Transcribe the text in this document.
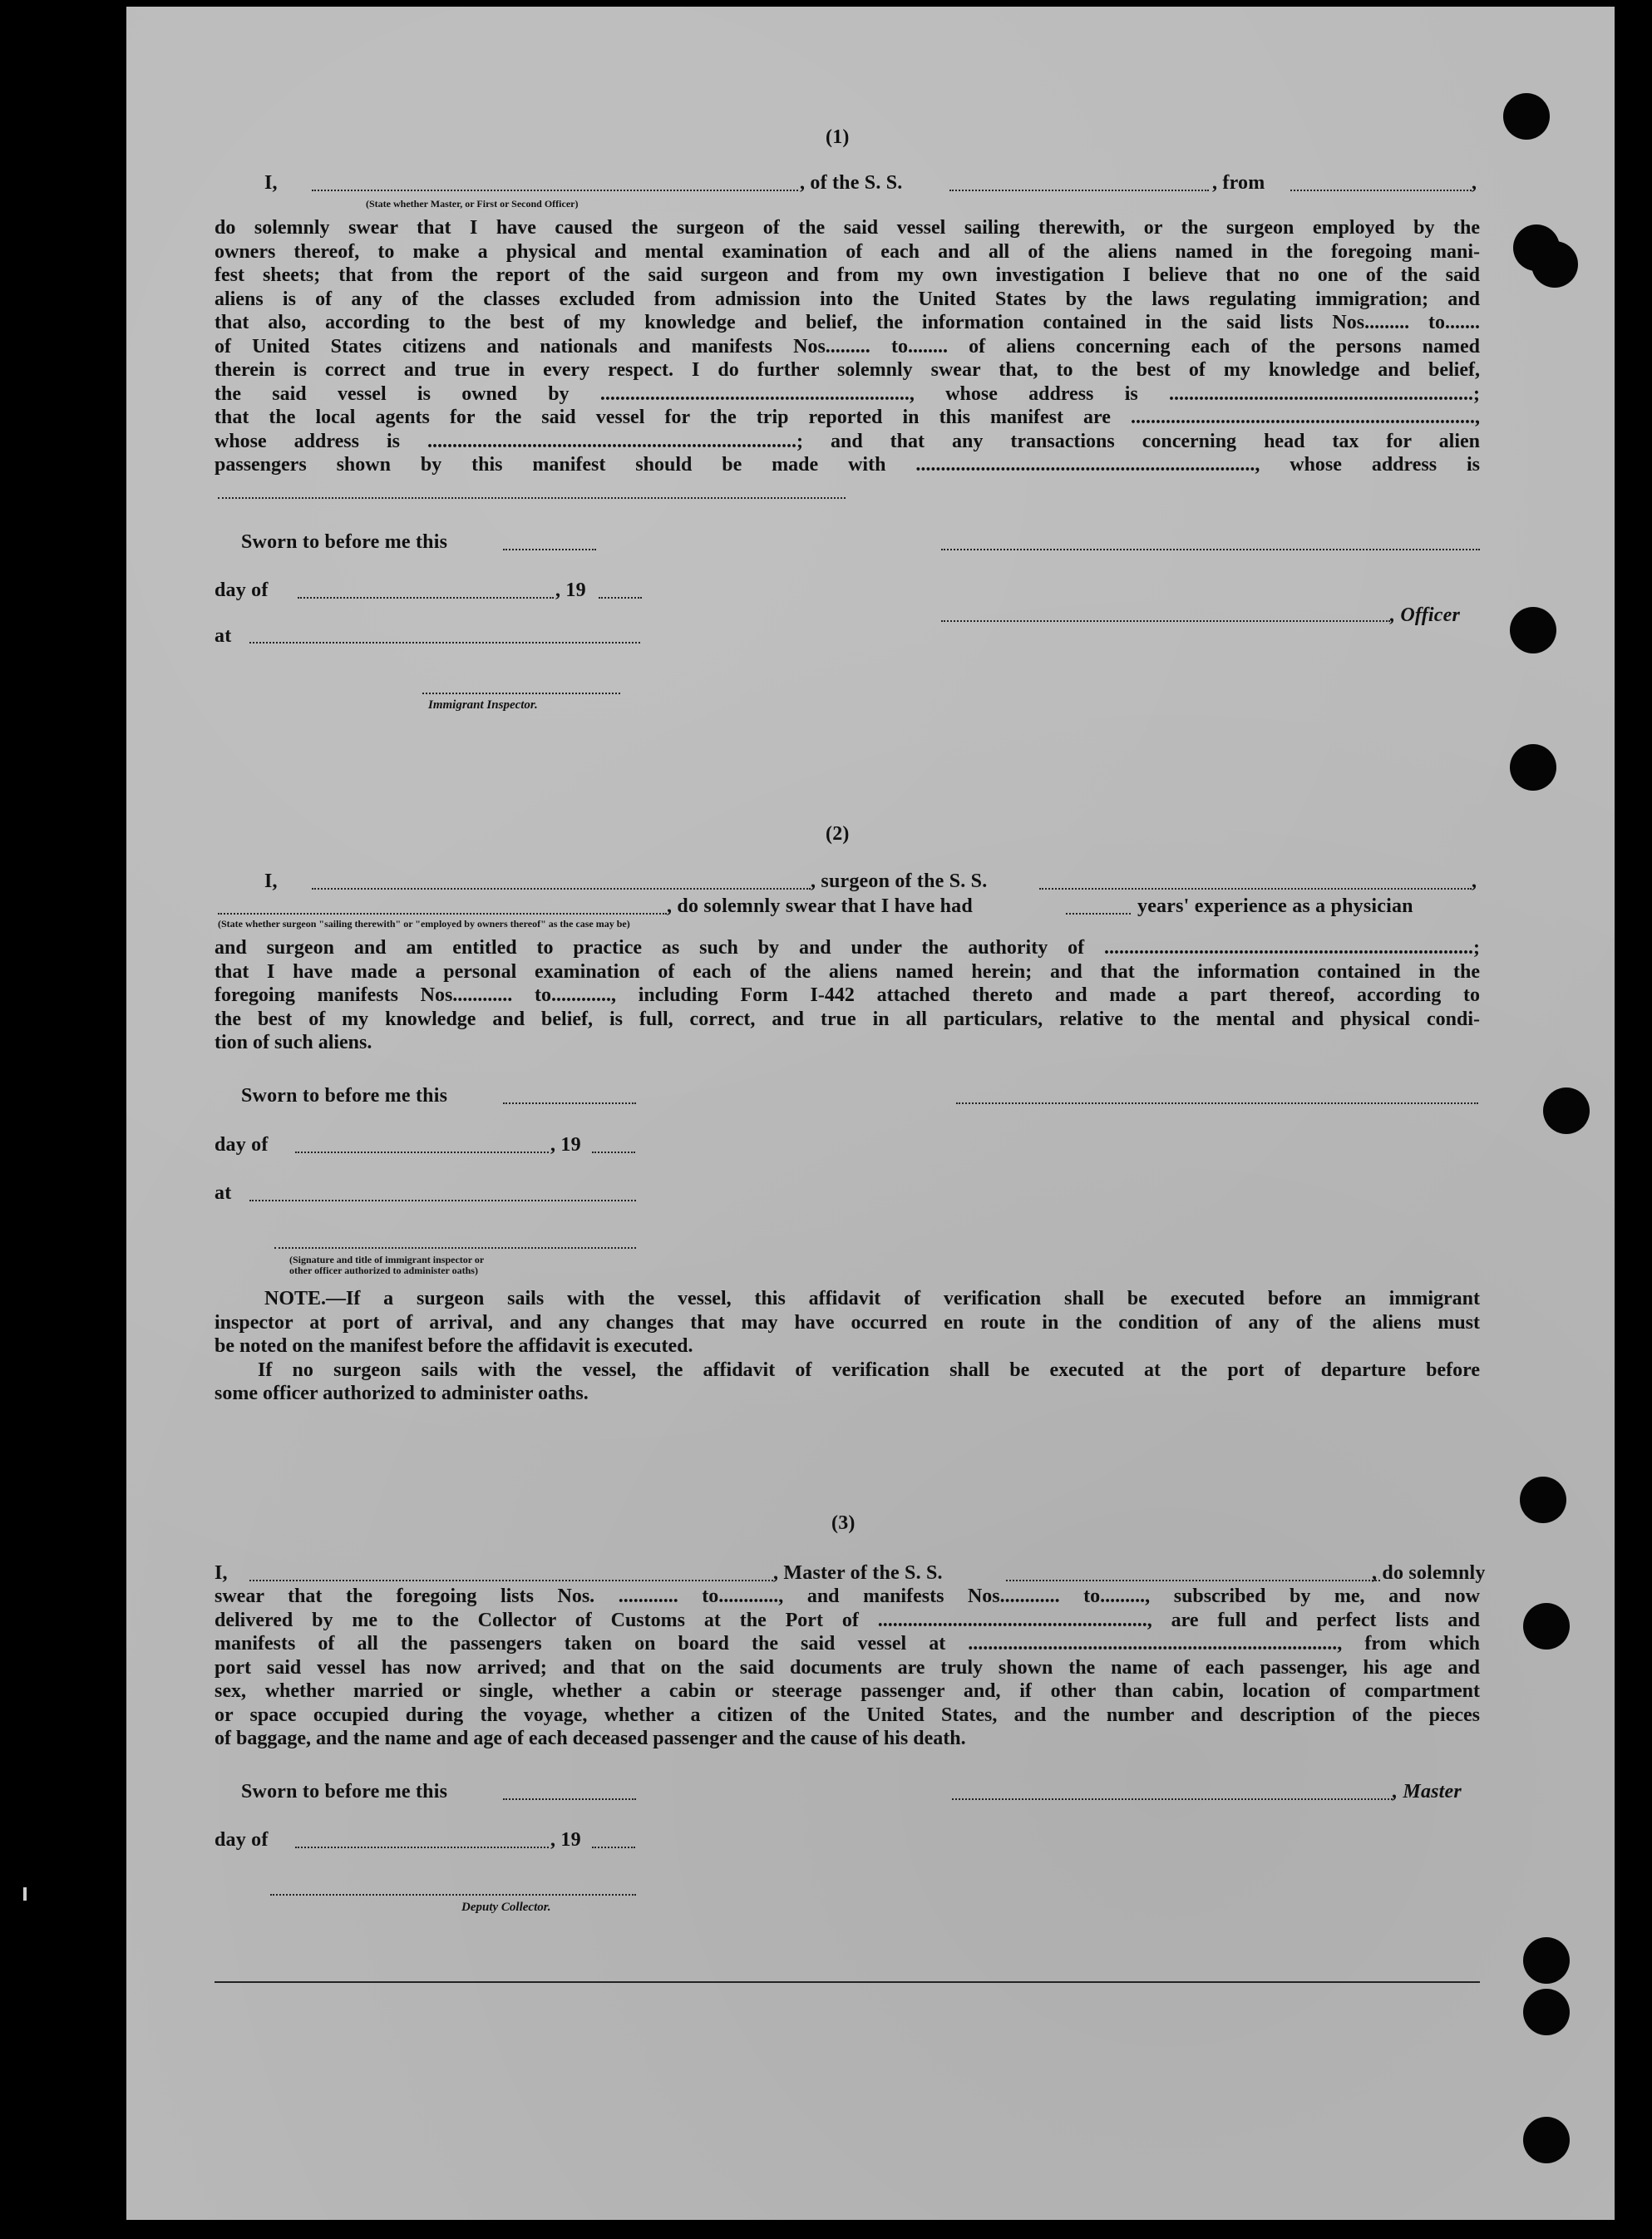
(1)
I,
(State whether Master, or First or Second Officer)
, of the S. S.	, from	,
do solemnly swear that I have caused the surgeon of the said vessel sailing therewith, or the surgeon employed by the
owners thereof, to make a physical and mental examination of each and all of the aliens named in the foregoing mani-
fest sheets; that from the report of the said surgeon and from my own investigation I believe that no one of the said
aliens is of any of the classes excluded from admission into the United States by the laws regulating immigration; and
that also, according to the best of my knowledge and belief, the information contained in the said lists Nos......... to.......
of United States citizens and nationals and manifests Nos......... to........ of aliens concerning each of the persons named
therein is correct and true in every respect. I do further solemnly swear that, to the best of my knowledge and belief,
the said vessel is owned by .............................................................., whose address is .............................................................;
that the local agents for the said vessel for the trip reported in this manifest are .....................................................................,
whose address is ..........................................................................; and that any transactions concerning head tax for alien
passengers shown by this manifest should be made with ...................................................................., whose address is
Sworn to before me this
day of	, 19
, Officer
at
Immigrant Inspector.
(2)
I,	, surgeon of the S. S.	,
, do solemnly swear that I have had	years' experience as a physician
(State whether surgeon "sailing therewith" or "employed by owners thereof" as the case may be)
and surgeon and am entitled to practice as such by and under the authority of ..........................................................................;
that I have made a personal examination of each of the aliens named herein; and that the information contained in the
foregoing manifests Nos............ to............, including Form I-442 attached thereto and made a part thereof, according to
the best of my knowledge and belief, is full, correct, and true in all particulars, relative to the mental and physical condi-
tion of such aliens.
Sworn to before me this
day of	, 19
at
(Signature and title of immigrant inspector or
other officer authorized to administer oaths)
NOTE.—If a surgeon sails with the vessel, this affidavit of verification shall be executed before an immigrant
inspector at port of arrival, and any changes that may have occurred en route in the condition of any of the aliens must
be noted on the manifest before the affidavit is executed.
If no surgeon sails with the vessel, the affidavit of verification shall be executed at the port of departure before
some officer authorized to administer oaths.
(3)
I,	, Master of the S. S.	, do solemnly
swear that the foregoing lists Nos. ............ to............, and manifests Nos............ to........., subscribed by me, and now
delivered by me to the Collector of Customs at the Port of ......................................................, are full and perfect lists and
manifests of all the passengers taken on board the said vessel at .........................................................................., from which
port said vessel has now arrived; and that on the said documents are truly shown the name of each passenger, his age and
sex, whether married or single, whether a cabin or steerage passenger and, if other than cabin, location of compartment
or space occupied during the voyage, whether a citizen of the United States, and the number and description of the pieces
of baggage, and the name and age of each deceased passenger and the cause of his death.
Sworn to before me this	, Master
day of	, 19
Deputy Collector.
